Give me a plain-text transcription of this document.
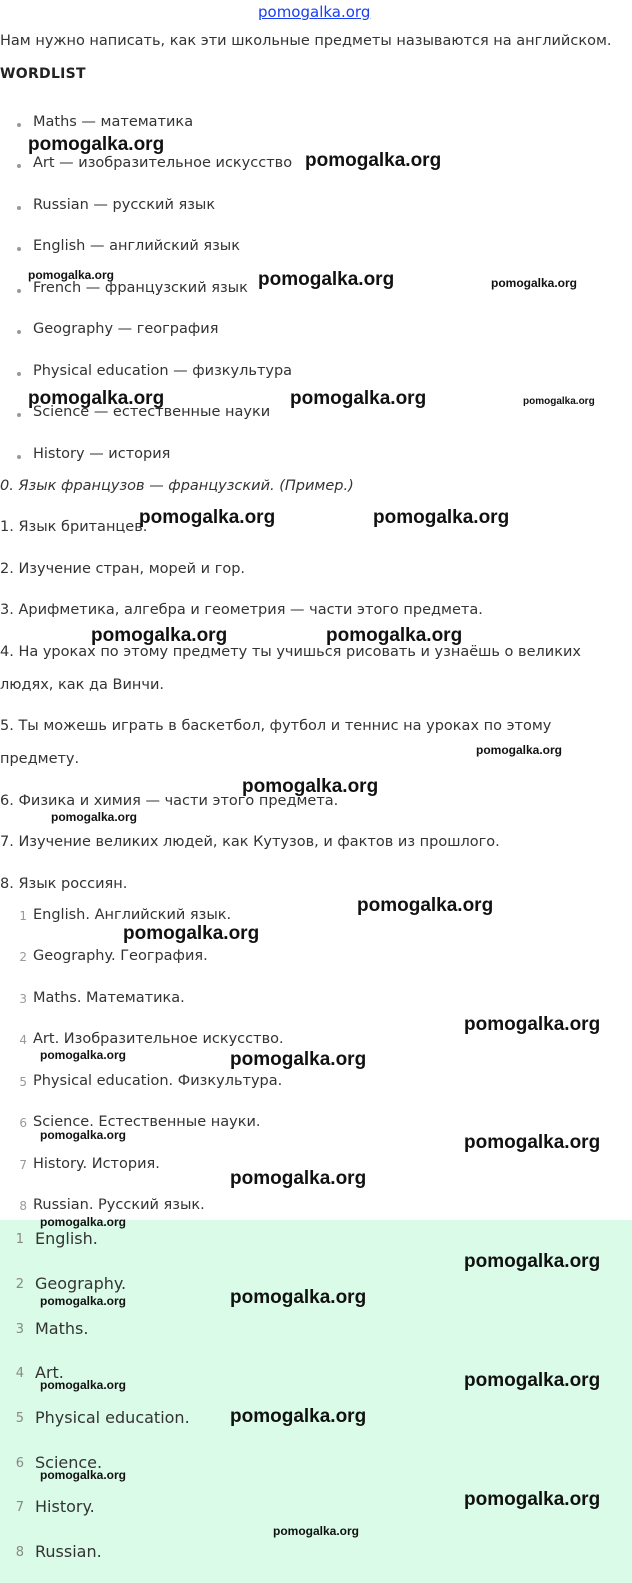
pomogalka.org
Нам нужно написать, как эти школьные предметы называются на английском.
WORDLIST
Maths — математика
Art — изобразительное искусство
Russian — русский язык
English — английский язык
French — французский язык
Geography — география
Physical education — физкультура
Science — естественные науки
History — история
0. Язык французов — французский. (Пример.)
1. Язык британцев.
2. Изучение стран, морей и гор.
3. Арифметика, алгебра и геометрия — части этого предмета.
4. На уроках по этому предмету ты учишься рисовать и узнаёшь о великих
людях, как да Винчи.
5. Ты можешь играть в баскетбол, футбол и теннис на уроках по этому
предмету.
6. Физика и химия — части этого предмета.
7. Изучение великих людей, как Кутузов, и фактов из прошлого.
8. Язык россиян.
1 English. Английский язык.
2 Geography. География.
3 Maths. Математика.
4 Art. Изобразительное искусство.
5 Physical education. Физкультура.
6 Science. Естественные науки.
7 History. История.
8 Russian. Русский язык.
1 English.
2 Geography.
3 Maths.
4 Art.
5 Physical education.
6 Science.
7 History.
8 Russian.
pomogalka.org
pomogalka.org
pomogalka.org	pomogalka.org	pomogalka.org
pomogalka.org	pomogalka.org	pomogalka.org
pomogalka.org	pomogalka.org
pomogalka.org	pomogalka.org
pomogalka.org
pomogalka.org
pomogalka.org
pomogalka.org
pomogalka.org
pomogalka.org
pomogalka.org	pomogalka.org
pomogalka.org	pomogalka.org
pomogalka.org
pomogalka.org
pomogalka.org
pomogalka.org
pomogalka.org
pomogalka.org
pomogalka.org
pomogalka.org
pomogalka.org
pomogalka.org
pomogalka.org
